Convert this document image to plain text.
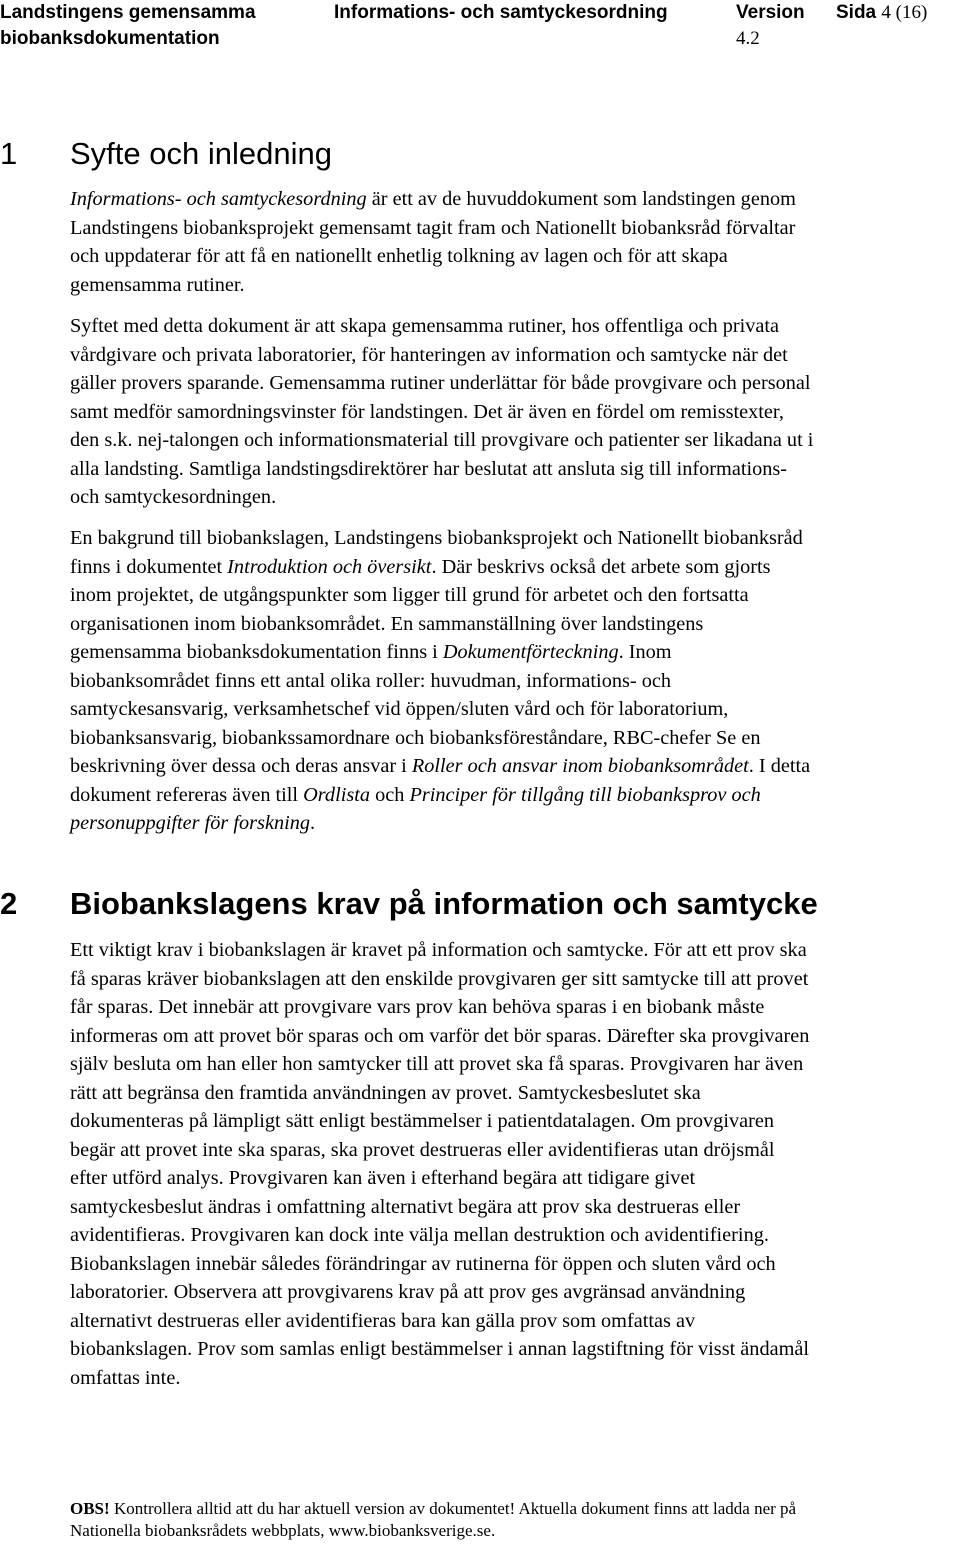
Landstingens gemensamma
biobanksdokumentation
Informations- och samtyckesordning	Version
4.2
Sida 4 (16)
1 Syfte och inledning

Informations- och samtyckesordning är ett av de huvuddokument som landstingen genom
Landstingens biobanksprojekt gemensamt tagit fram och Nationellt biobanksråd förvaltar
och uppdaterar för att få en nationellt enhetlig tolkning av lagen och för att skapa
gemensamma rutiner.

Syftet med detta dokument är att skapa gemensamma rutiner, hos offentliga och privata
vårdgivare och privata laboratorier, för hanteringen av information och samtycke när det
gäller provers sparande. Gemensamma rutiner underlättar för både provgivare och personal
samt medför samordningsvinster för landstingen. Det är även en fördel om remisstexter,
den s.k. nej-talongen och informationsmaterial till provgivare och patienter ser likadana ut i
alla landsting. Samtliga landstingsdirektörer har beslutat att ansluta sig till informations-
och samtyckesordningen.

En bakgrund till biobankslagen, Landstingens biobanksprojekt och Nationellt biobanksråd
finns i dokumentet Introduktion och översikt. Där beskrivs också det arbete som gjorts
inom projektet, de utgångspunkter som ligger till grund för arbetet och den fortsatta
organisationen inom biobanksområdet. En sammanställning över landstingens
gemensamma biobanksdokumentation finns i Dokumentförteckning. Inom
biobanksområdet finns ett antal olika roller: huvudman, informations- och
samtyckesansvarig, verksamhetschef vid öppen/sluten vård och för laboratorium,
biobanksansvarig, biobankssamordnare och biobanksföreståndare, RBC-chefer Se en
beskrivning över dessa och deras ansvar i Roller och ansvar inom biobanksområdet. I detta
dokument refereras även till Ordlista och Principer för tillgång till biobanksprov och
personuppgifter för forskning.

2 Biobankslagens krav på information och samtycke

Ett viktigt krav i biobankslagen är kravet på information och samtycke. För att ett prov ska
få sparas kräver biobankslagen att den enskilde provgivaren ger sitt samtycke till att provet
får sparas. Det innebär att provgivare vars prov kan behöva sparas i en biobank måste
informeras om att provet bör sparas och om varför det bör sparas. Därefter ska provgivaren
själv besluta om han eller hon samtycker till att provet ska få sparas. Provgivaren har även
rätt att begränsa den framtida användningen av provet. Samtyckesbeslutet ska
dokumenteras på lämpligt sätt enligt bestämmelser i patientdatalagen. Om provgivaren
begär att provet inte ska sparas, ska provet destrueras eller avidentifieras utan dröjsmål
efter utförd analys. Provgivaren kan även i efterhand begära att tidigare givet
samtyckesbeslut ändras i omfattning alternativt begära att prov ska destrueras eller
avidentifieras. Provgivaren kan dock inte välja mellan destruktion och avidentifiering.
Biobankslagen innebär således förändringar av rutinerna för öppen och sluten vård och
laboratorier. Observera att provgivarens krav på att prov ges avgränsad användning
alternativt destrueras eller avidentifieras bara kan gälla prov som omfattas av
biobankslagen. Prov som samlas enligt bestämmelser i annan lagstiftning för visst ändamål
omfattas inte.

OBS! Kontrollera alltid att du har aktuell version av dokumentet! Aktuella dokument finns att ladda ner på
Nationella biobanksrådets webbplats, www.biobanksverige.se.
